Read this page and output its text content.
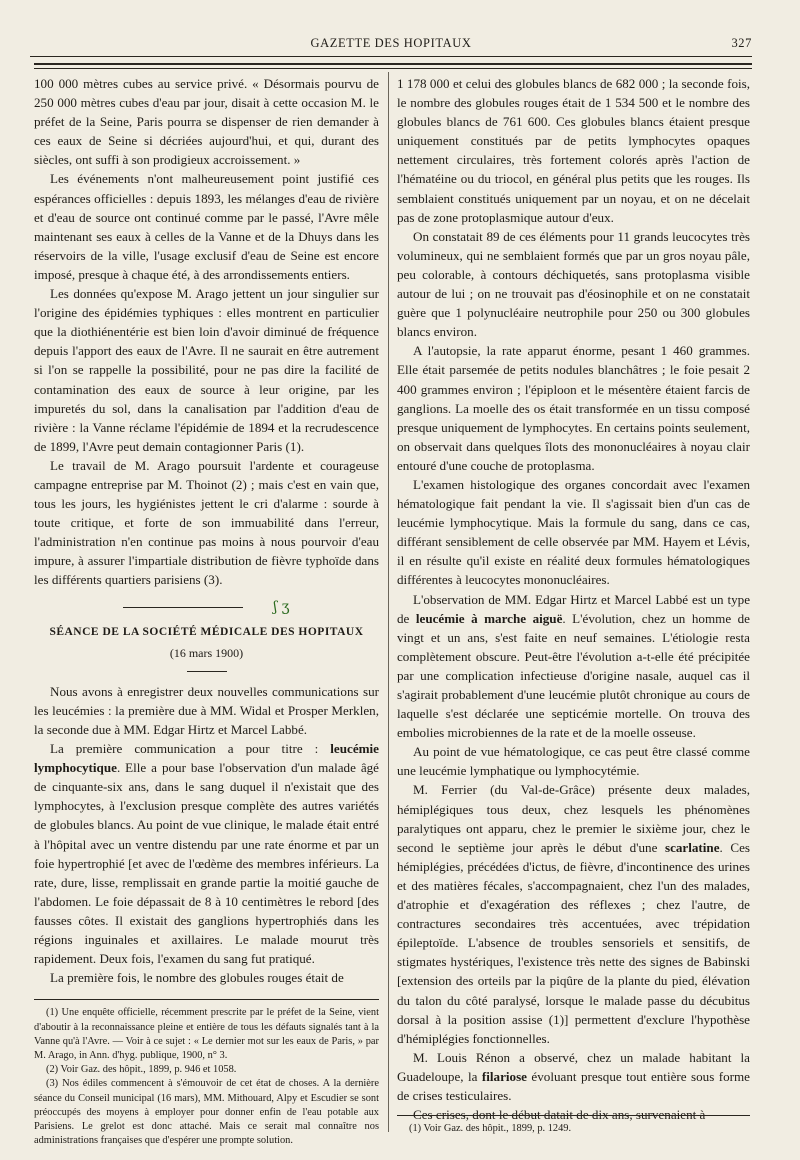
GAZETTE DES HOPITAUX	327

100 000 mètres cubes au service privé. « Désormais pourvu de 250 000 mètres cubes d'eau par jour, disait à cette occasion M. le préfet de la Seine, Paris pourra se dispenser de rien demander à ces eaux de Seine si décriées aujourd'hui, et qui, durant des siècles, ont suffi à son prodigieux accroissement. »

Les événements n'ont malheureusement point justifié ces espérances officielles : depuis 1893, les mélanges d'eau de rivière et d'eau de source ont continué comme par le passé, l'Avre mêle maintenant ses eaux à celles de la Vanne et de la Dhuys dans les réservoirs de la ville, l'usage exclusif d'eau de Seine est encore imposé, presque à chaque été, à des arrondissements entiers.

Les données qu'expose M. Arago jettent un jour singulier sur l'origine des épidémies typhiques : elles montrent en particulier que la diothiénentérie est bien loin d'avoir diminué de fréquence depuis l'apport des eaux de l'Avre. Il ne saurait en être autrement si l'on se rappelle la possibilité, pour ne pas dire la facilité de contamination des eaux de source à leur origine, par les impuretés du sol, dans la canalisation par l'addition d'eau de rivière : la Vanne réclame l'épidémie de 1894 et la recrudescence de 1899, l'Avre peut demain contagionner Paris (1).

Le travail de M. Arago poursuit l'ardente et courageuse campagne entreprise par M. Thoinot (2) ; mais c'est en vain que, tous les jours, les hygiénistes jettent le cri d'alarme : sourde à toute critique, et forte de son immuabilité dans l'erreur, l'administration n'en continue pas moins à nous pourvoir d'eau impure, à assurer l'impartiale distribution de fièvre typhoïde dans les différents quartiers parisiens (3).

ʃ ʒ
SÉANCE DE LA SOCIÉTÉ MÉDICALE DES HOPITAUX
(16 mars 1900)

Nous avons à enregistrer deux nouvelles communications sur les leucémies : la première due à MM. Widal et Prosper Merklen, la seconde due à MM. Edgar Hirtz et Marcel Labbé.

La première communication a pour titre : leucémie lymphocytique. Elle a pour base l'observation d'un malade âgé de cinquante-six ans, dans le sang duquel il n'existait que des lymphocytes, à l'exclusion presque complète des autres variétés de globules blancs. Au point de vue clinique, le malade était entré à l'hôpital avec un ventre distendu par une rate énorme et par un foie hypertrophié [et avec de l'œdème des membres inférieurs. La rate, dure, lisse, remplissait en grande partie la moitié gauche de l'abdomen. Le foie dépassait de 8 à 10 centimètres le rebord [des fausses côtes. Il existait des ganglions hypertrophiés dans les régions inguinales et axillaires. Le malade mourut très rapidement. Deux fois, l'examen du sang fut pratiqué.

La première fois, le nombre des globules rouges était de

(1) Une enquête officielle, récemment prescrite par le préfet de la Seine, vient d'aboutir à la reconnaissance pleine et entière de tous les défauts signalés tant à la Vanne qu'à l'Avre. — Voir à ce sujet : « Le dernier mot sur les eaux de Paris, » par M. Arago, in Ann. d'hyg. publique, 1900, n° 3.

(2) Voir Gaz. des hôpit., 1899, p. 946 et 1058.

(3) Nos édiles commencent à s'émouvoir de cet état de choses. A la dernière séance du Conseil municipal (16 mars), MM. Mithouard, Alpy et Escudier se sont préoccupés des moyens à employer pour donner enfin de l'eau potable aux Parisiens. Le grelot est donc attaché. Mais ce serait mal connaître nos administrations françaises que d'espérer une prompte solution.

1 178 000 et celui des globules blancs de 682 000 ; la seconde fois, le nombre des globules rouges était de 1 534 500 et le nombre des globules blancs de 761 600. Ces globules blancs étaient presque uniquement constitués par de petits lymphocytes opaques nettement circulaires, très fortement colorés après l'action de l'hématéine ou du triocol, en général plus petits que les rouges. Ils semblaient constitués uniquement par un noyau, et on ne décelait pas de zone protoplasmique autour d'eux.

On constatait 89 de ces éléments pour 11 grands leucocytes très volumineux, qui ne semblaient formés que par un gros noyau pâle, peu colorable, à contours déchiquetés, sans protoplasma visible autour de lui ; on ne trouvait pas d'éosinophile et on ne constatait guère que 1 polynucléaire neutrophile pour 250 ou 300 globules blancs environ.

A l'autopsie, la rate apparut énorme, pesant 1 460 grammes. Elle était parsemée de petits nodules blanchâtres ; le foie pesait 2 400 grammes environ ; l'épiploon et le mésentère étaient farcis de ganglions. La moelle des os était transformée en un tissu composé presque uniquement de lymphocytes. En certains points seulement, on observait dans quelques îlots des mononucléaires à noyau clair entouré d'une couche de protoplasma.

L'examen histologique des organes concordait avec l'examen hématologique fait pendant la vie. Il s'agissait bien d'un cas de leucémie lymphocytique. Mais la formule du sang, dans ce cas, différant sensiblement de celle observée par MM. Hayem et Lévis, il en résulte qu'il existe en réalité deux formules hématologiques différentes à leucocytes mononucléaires.

L'observation de MM. Edgar Hirtz et Marcel Labbé est un type de leucémie à marche aiguë. L'évolution, chez un homme de vingt et un ans, s'est faite en neuf semaines. L'étiologie resta complètement obscure. Peut-être l'évolution a-t-elle été précipitée par une complication infectieuse d'origine nasale, auquel cas il s'agirait probablement d'une leucémie plutôt chronique au cours de laquelle s'est déclarée une septicémie mortelle. On trouva des embolies microbiennes de la rate et de la moelle osseuse.

Au point de vue hématologique, ce cas peut être classé comme une leucémie lymphatique ou lymphocytémie.

M. Ferrier (du Val-de-Grâce) présente deux malades, hémiplégiques tous deux, chez lesquels les phénomènes paralytiques ont apparu, chez le premier le sixième jour, chez le second le septième jour après le début d'une scarlatine. Ces hémiplégies, précédées d'ictus, de fièvre, d'incontinence des urines et des matières fécales, s'accompagnaient, chez l'un des malades, d'atrophie et d'exagération des réflexes ; chez l'autre, de contractures secondaires très accentuées, avec trépidation épileptoïde. L'absence de troubles sensoriels et sensitifs, de stigmates hystériques, l'existence très nette des signes de Babinski [extension des orteils par la piqûre de la plante du pied, élévation du talon du côté paralysé, lorsque le malade passe du décubitus dorsal à la position assise (1)] permettent d'exclure l'hypothèse d'hémiplégies fonctionnelles.

M. Louis Rénon a observé, chez un malade habitant la Guadeloupe, la filariose évoluant presque tout entière sous forme de crises testiculaires.

Ces crises, dont le début datait de dix ans, survenaient à

(1) Voir Gaz. des hôpit., 1899, p. 1249.
